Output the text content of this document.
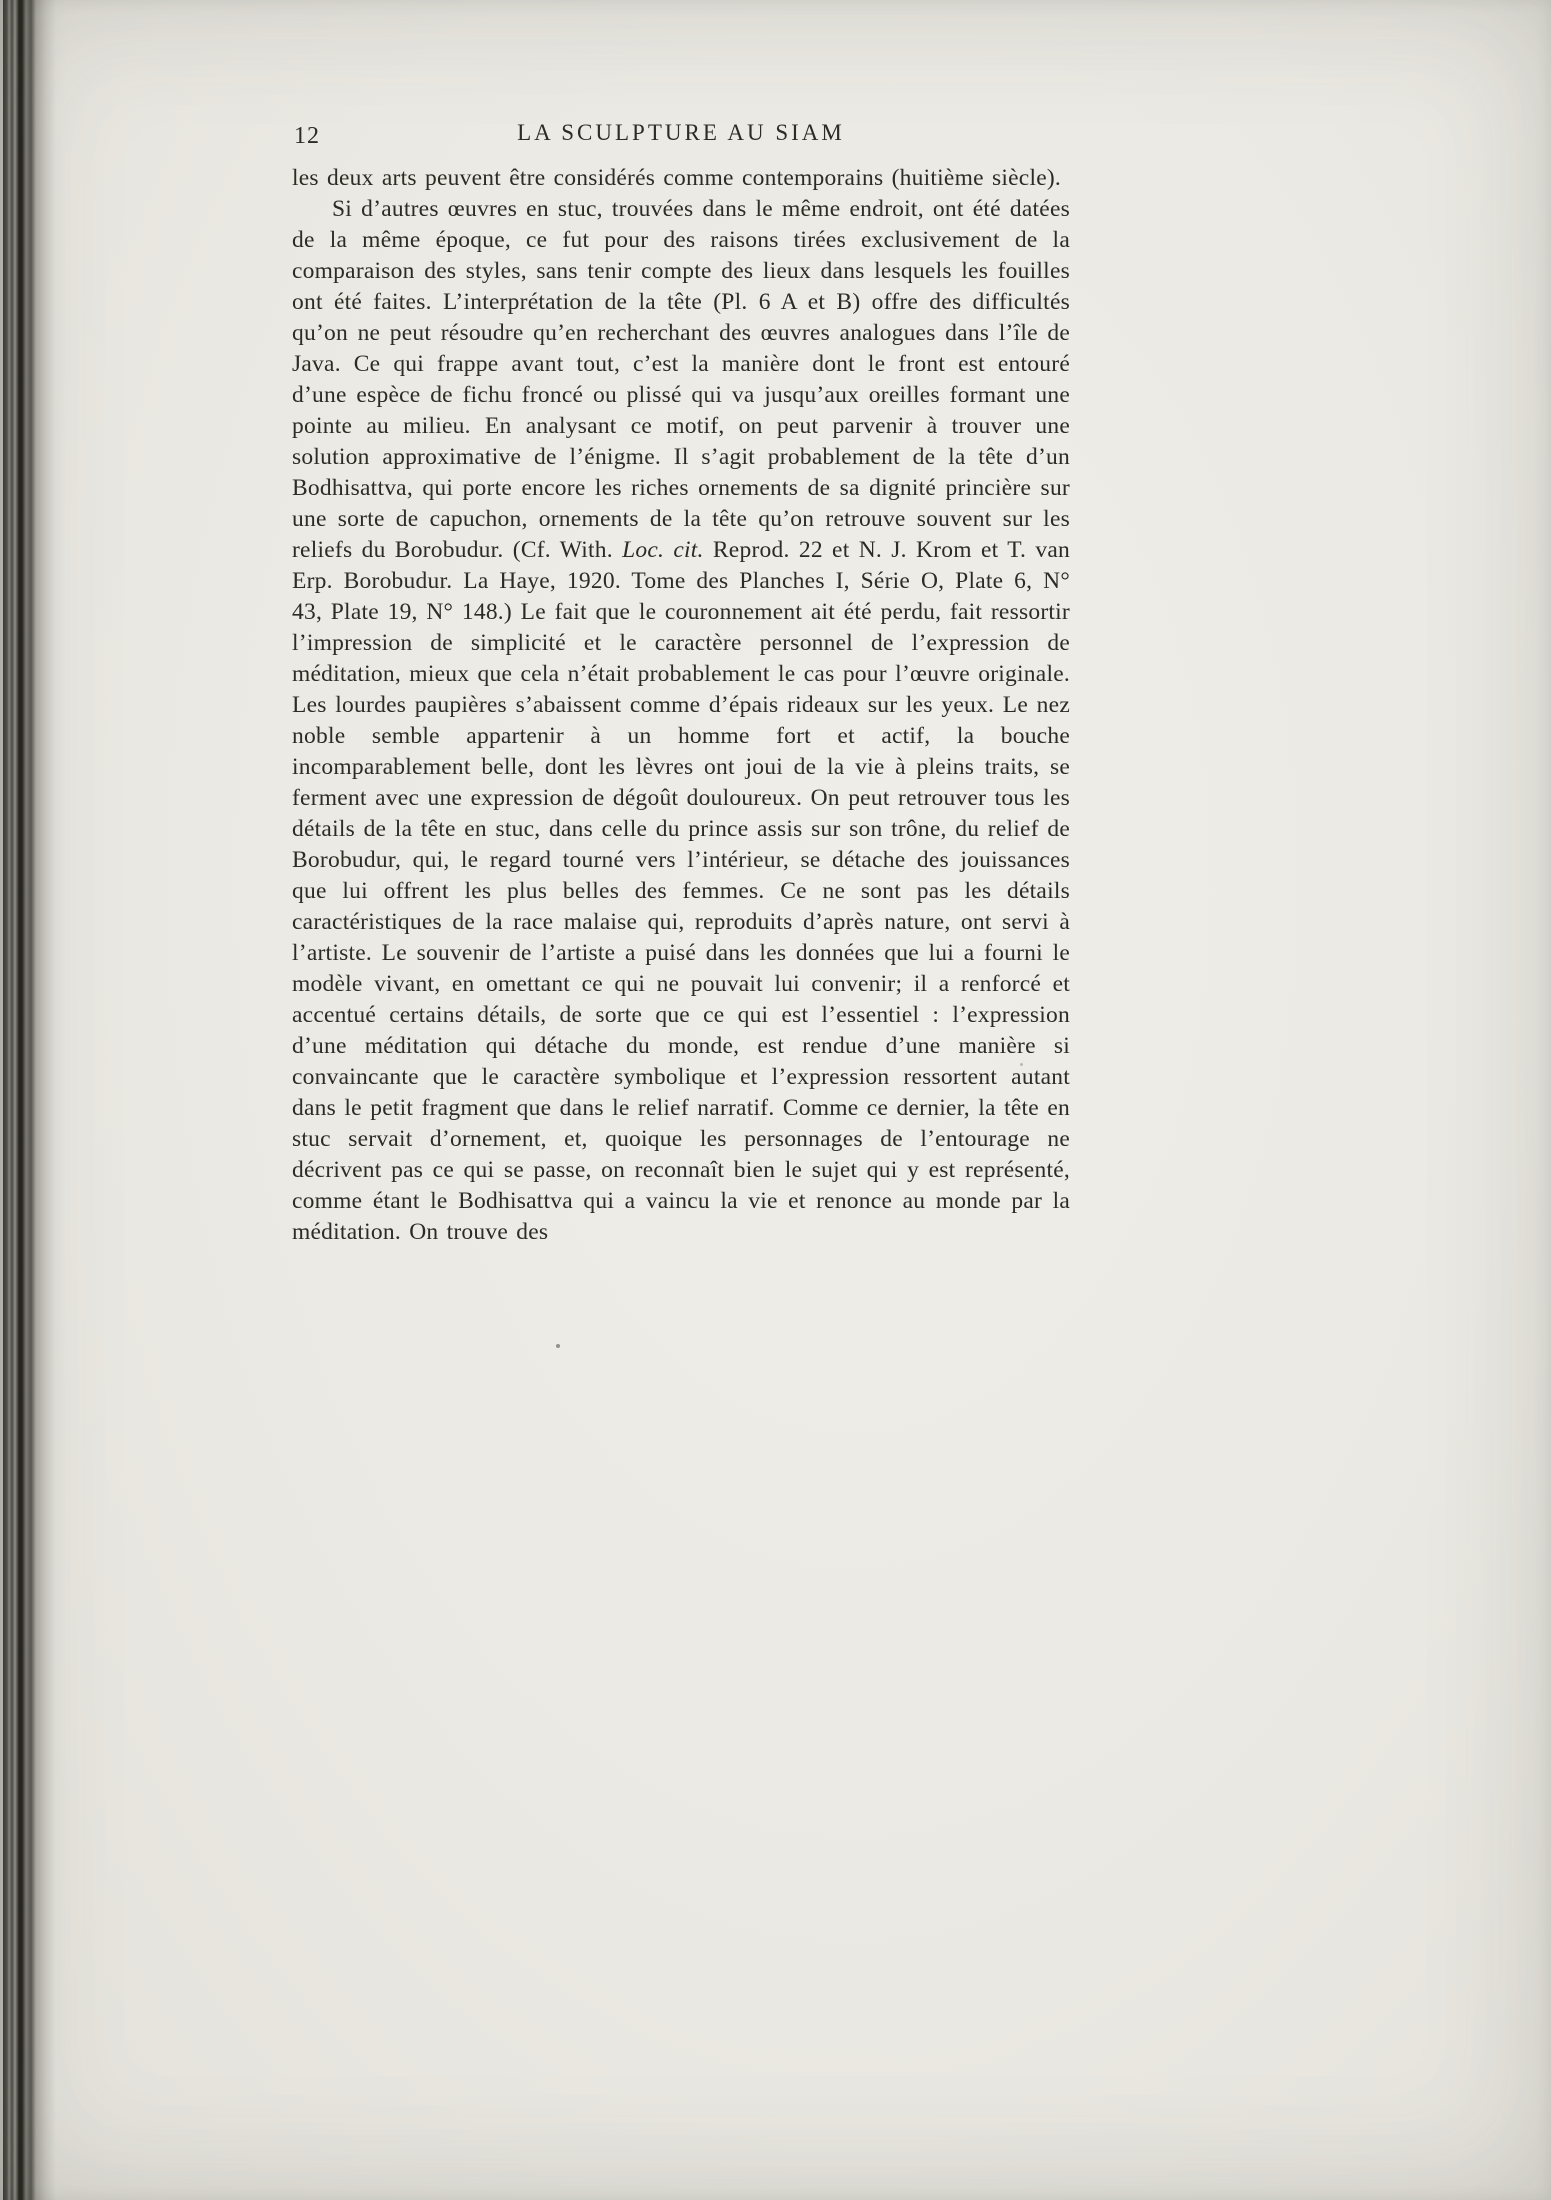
12	LA SCULPTURE AU SIAM

les deux arts peuvent être considérés comme contemporains (huitième siècle).

Si d’autres œuvres en stuc, trouvées dans le même endroit, ont été datées de la même époque, ce fut pour des raisons tirées exclusivement de la comparaison des styles, sans tenir compte des lieux dans lesquels les fouilles ont été faites. L’interprétation de la tête (Pl. 6 A et B) offre des difficultés qu’on ne peut résoudre qu’en recherchant des œuvres analogues dans l’île de Java. Ce qui frappe avant tout, c’est la manière dont le front est entouré d’une espèce de fichu froncé ou plissé qui va jusqu’aux oreilles formant une pointe au milieu. En analysant ce motif, on peut parvenir à trouver une solution approximative de l’énigme. Il s’agit probablement de la tête d’un Bodhisattva, qui porte encore les riches ornements de sa dignité princière sur une sorte de capuchon, ornements de la tête qu’on retrouve souvent sur les reliefs du Borobudur. (Cf. With. Loc. cit. Reprod. 22 et N. J. Krom et T. van Erp. Borobudur. La Haye, 1920. Tome des Planches I, Série O, Plate 6, N° 43, Plate 19, N° 148.) Le fait que le couronnement ait été perdu, fait ressortir l’impression de simplicité et le caractère personnel de l’expression de méditation, mieux que cela n’était probablement le cas pour l’œuvre originale. Les lourdes paupières s’abaissent comme d’épais rideaux sur les yeux. Le nez noble semble appartenir à un homme fort et actif, la bouche incomparablement belle, dont les lèvres ont joui de la vie à pleins traits, se ferment avec une expression de dégoût douloureux. On peut retrouver tous les détails de la tête en stuc, dans celle du prince assis sur son trône, du relief de Borobudur, qui, le regard tourné vers l’intérieur, se détache des jouissances que lui offrent les plus belles des femmes. Ce ne sont pas les détails caractéristiques de la race malaise qui, reproduits d’après nature, ont servi à l’artiste. Le souvenir de l’artiste a puisé dans les données que lui a fourni le modèle vivant, en omettant ce qui ne pouvait lui convenir; il a renforcé et accentué certains détails, de sorte que ce qui est l’essentiel : l’expression d’une méditation qui détache du monde, est rendue d’une manière si convaincante que le caractère symbolique et l’expression ressortent autant dans le petit fragment que dans le relief narratif. Comme ce dernier, la tête en stuc servait d’ornement, et, quoique les personnages de l’entourage ne décrivent pas ce qui se passe, on reconnaît bien le sujet qui y est représenté, comme étant le Bodhisattva qui a vaincu la vie et renonce au monde par la méditation. On trouve des
